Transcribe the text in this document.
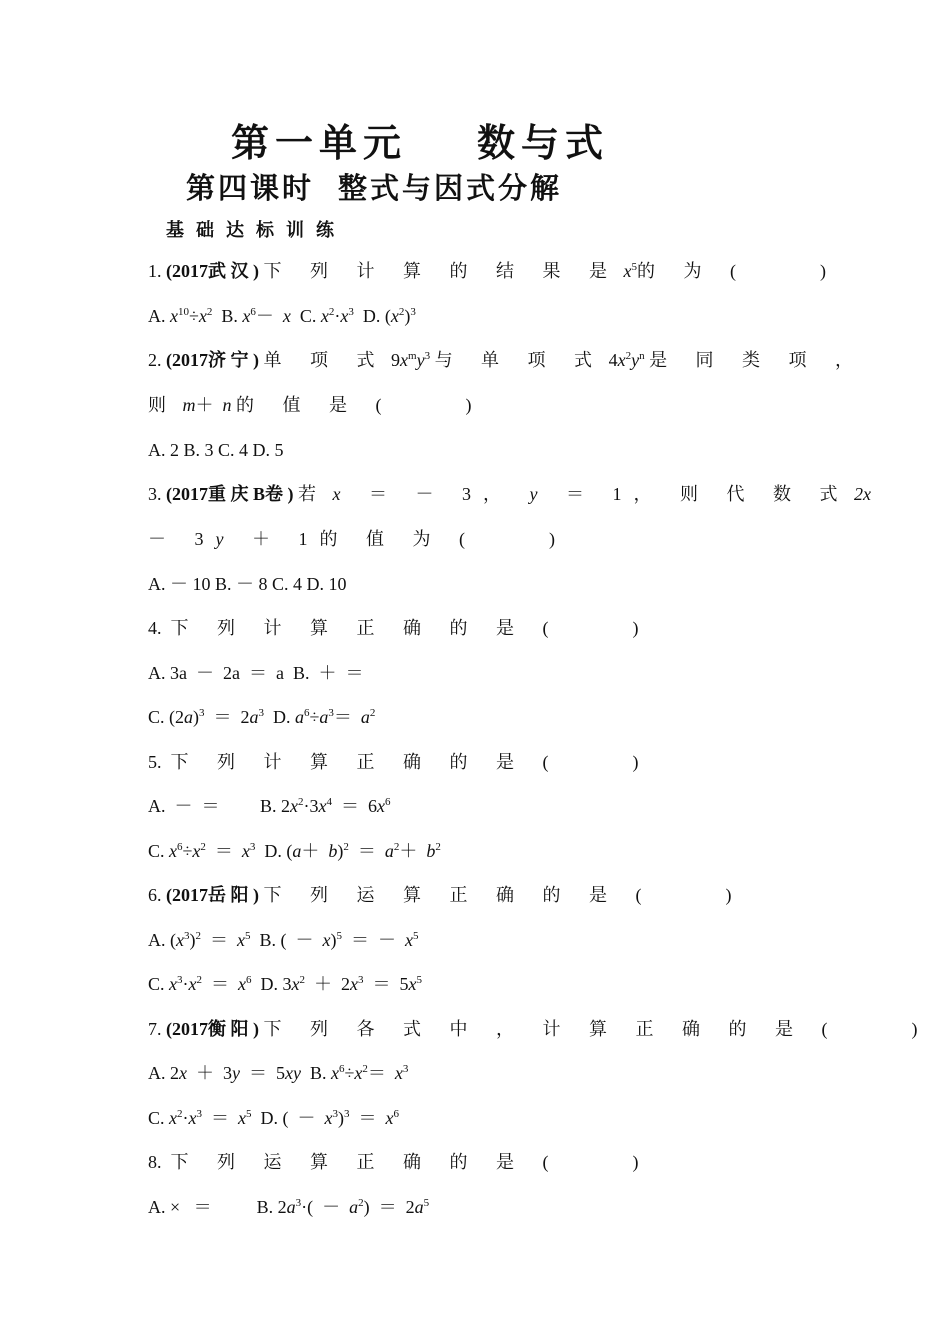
第一单元 数与式
第四课时 整式与因式分解
基础达标训练
1. (2017武 汉 ) 下 列 计 算 的 结 果 是 $x^5$的 为 (	)
A. $x^{10}\div x^2$  B. $x^6- x$  C. $x^2\cdot x^3$  D. $(x^2)^3$
2. (2017济 宁 ) 单 项 式 $9x^my^3$ 与 单 项 式 $4x^2y^n$ 是 同 类 项 ，
则 m＋  n 的 值 是 (	)
A. 2 B. 3 C. 4 D. 5
3. (2017重 庆 B卷 ) 若 x ＝ － 3， y ＝ 1， 则 代 数 式 2x
－ 3y ＋ 1的 值 为 (	)
A. － 10 B. － 8 C. 4 D. 10
4. 下 列 计 算 正 确 的 是 (	)
A. 3a  －  2a  ＝  a  B.  ＋  ＝
C. $(2a)^3 = 2a^3$  D. $a^6\div a^3= a^2$
5. 下 列 计 算 正 确 的 是 (	)
A.  －  ＝         B. $2x^2\cdot 3x^4 = 6x^6$
C. $x^6\div x^2 = x^3$  D. $(a+ b)^2 = a^2+ b^2$
6. (2017岳 阳 ) 下 列 运 算 正 确 的 是 (	)
A. $(x^3)^2 = x^5$  B. (  －  x)$^5$  ＝  －  $x^5$
C. $x^3\cdot x^2 = x^6$  D. $3x^2 + 2x^3 = 5x^5$
7. (2017衡 阳 ) 下 列 各 式 中 ， 计 算 正 确 的 是 (	)
A. 2x  ＋  3y  ＝  5xy  B. $x^6\div x^2= x^3$
C. $x^2\cdot x^3 = x^5$  D. (  －  $x^3)^3 = x^6$
8. 下 列 运 算 正 确 的 是 (	)
A. ×   ＝          B. $2a^3\cdot( - a^2) = 2a^5$
